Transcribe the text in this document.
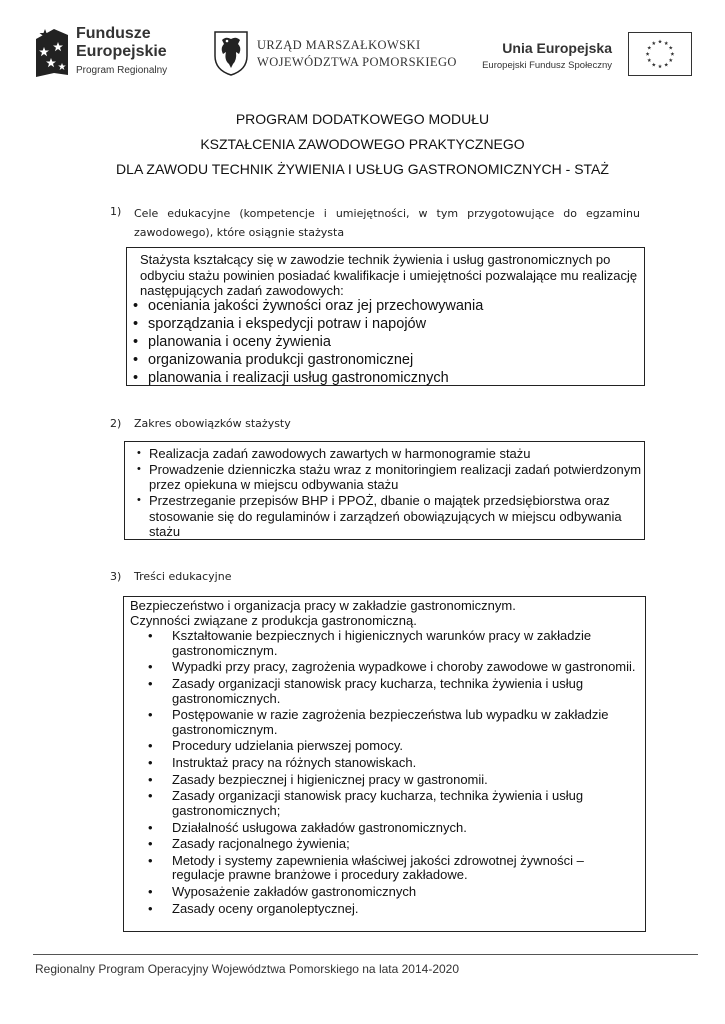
Fundusze
Europejskie
Program Regionalny
URZĄD MARSZAŁKOWSKI
WOJEWÓDZTWA POMORSKIEGO
Unia Europejska
Europejski Fundusz Społeczny
PROGRAM DODATKOWEGO MODUŁU
KSZTAŁCENIA ZAWODOWEGO PRAKTYCZNEGO
DLA ZAWODU TECHNIK ŻYWIENIA I USŁUG GASTRONOMICZNYCH - STAŻ
1) Cele edukacyjne (kompetencje i umiejętności, w tym przygotowujące do egzaminu zawodowego), które osiągnie stażysta
Stażysta kształcący się w zawodzie technik żywienia i usług gastronomicznych po odbyciu stażu powinien posiadać kwalifikacje i umiejętności pozwalające mu realizację następujących zadań zawodowych:
• oceniania jakości żywności oraz jej przechowywania
• sporządzania i ekspedycji potraw i napojów
• planowania i oceny żywienia
• organizowania produkcji gastronomicznej
• planowania i realizacji usług gastronomicznych
2) Zakres obowiązków stażysty
• Realizacja zadań zawodowych zawartych w harmonogramie stażu
• Prowadzenie dzienniczka stażu wraz z monitoringiem realizacji zadań potwierdzonym przez opiekuna w miejscu odbywania stażu
• Przestrzeganie przepisów BHP i PPOŻ, dbanie o majątek przedsiębiorstwa oraz stosowanie się do regulaminów i zarządzeń obowiązujących w miejscu odbywania stażu
3) Treści edukacyjne
Bezpieczeństwo i organizacja pracy w zakładzie gastronomicznym.
Czynności związane z produkcja gastronomiczną.
• Kształtowanie bezpiecznych i higienicznych warunków pracy w zakładzie gastronomicznym.
• Wypadki przy pracy, zagrożenia wypadkowe i choroby zawodowe w gastronomii.
• Zasady organizacji stanowisk pracy kucharza, technika żywienia i usług gastronomicznych.
• Postępowanie w razie zagrożenia bezpieczeństwa lub wypadku w zakładzie gastronomicznym.
• Procedury udzielania pierwszej pomocy.
• Instruktaż pracy na różnych stanowiskach.
• Zasady bezpiecznej i higienicznej pracy w gastronomii.
• Zasady organizacji stanowisk pracy kucharza, technika żywienia i usług gastronomicznych;
• Działalność usługowa zakładów gastronomicznych.
• Zasady racjonalnego żywienia;
• Metody i systemy zapewnienia właściwej jakości zdrowotnej żywności – regulacje prawne branżowe i procedury zakładowe.
• Wyposażenie zakładów gastronomicznych
• Zasady oceny organoleptycznej.
Regionalny Program Operacyjny Województwa Pomorskiego na lata 2014-2020
